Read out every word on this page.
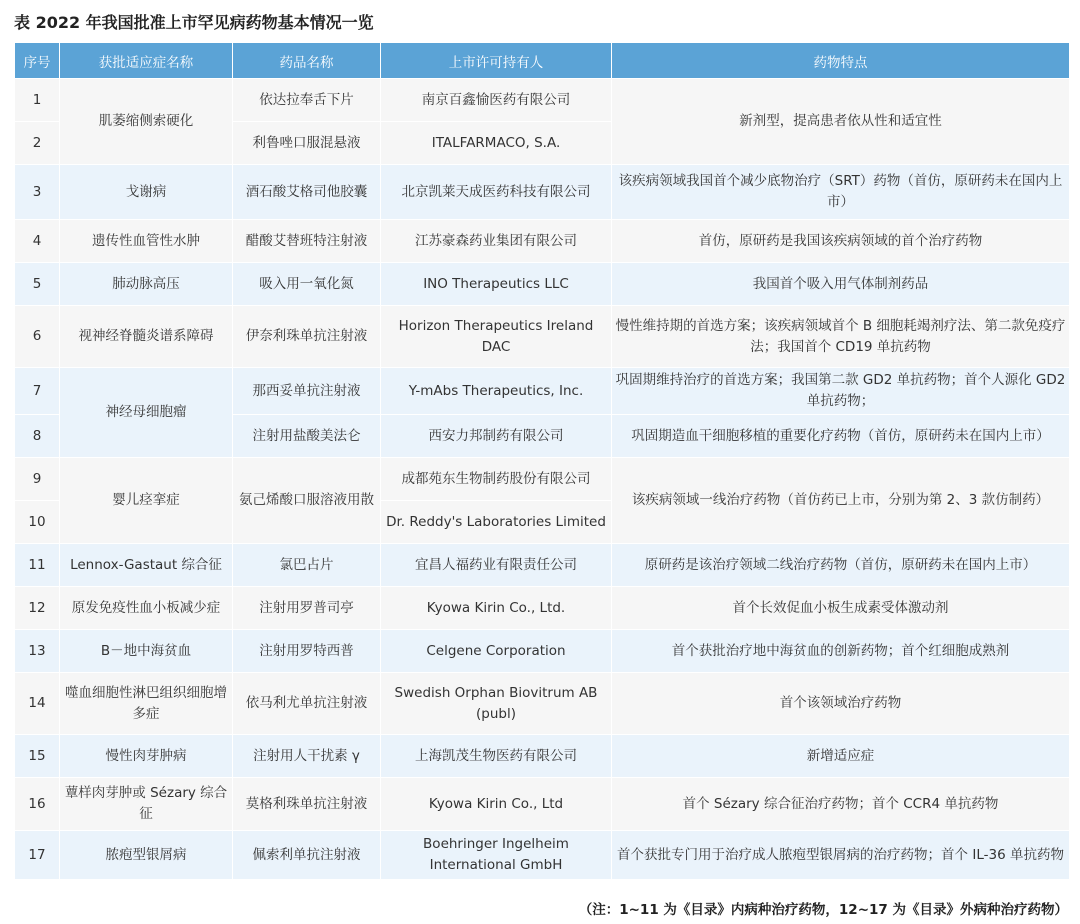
表 2022 年我国批准上市罕见病药物基本情况一览
序号	获批适应症名称	药品名称	上市许可持有人	药物特点
1	肌萎缩侧索硬化	依达拉奉舌下片	南京百鑫愉医药有限公司	新剂型，提高患者依从性和适宜性
2		利鲁唑口服混悬液	ITALFARMACO, S.A.	
3	戈谢病	酒石酸艾格司他胶囊	北京凯莱天成医药科技有限公司	该疾病领域我国首个减少底物治疗（SRT）药物（首仿，原研药未在国内上市）
4	遗传性血管性水肿	醋酸艾替班特注射液	江苏豪森药业集团有限公司	首仿，原研药是我国该疾病领域的首个治疗药物
5	肺动脉高压	吸入用一氧化氮	INO Therapeutics LLC	我国首个吸入用气体制剂药品
6	视神经脊髓炎谱系障碍	伊奈利珠单抗注射液	Horizon Therapeutics Ireland DAC	慢性维持期的首选方案；该疾病领域首个 B 细胞耗竭剂疗法、第二款免疫疗法；我国首个 CD19 单抗药物
7	神经母细胞瘤	那西妥单抗注射液	Y-mAbs Therapeutics, Inc.	巩固期维持治疗的首选方案；我国第二款 GD2 单抗药物；首个人源化 GD2 单抗药物；
8		注射用盐酸美法仑	西安力邦制药有限公司	巩固期造血干细胞移植的重要化疗药物（首仿，原研药未在国内上市）
9	婴儿痉挛症	氨己烯酸口服溶液用散	成都苑东生物制药股份有限公司	该疾病领域一线治疗药物（首仿药已上市，分别为第 2、3 款仿制药）
10			Dr. Reddy's Laboratories Limited	
11	Lennox-Gastaut 综合征	氯巴占片	宜昌人福药业有限责任公司	原研药是该治疗领域二线治疗药物（首仿，原研药未在国内上市）
12	原发免疫性血小板减少症	注射用罗普司亭	Kyowa Kirin Co., Ltd.	首个长效促血小板生成素受体激动剂
13	Β－地中海贫血	注射用罗特西普	Celgene Corporation	首个获批治疗地中海贫血的创新药物；首个红细胞成熟剂
14	噬血细胞性淋巴组织细胞增多症	依马利尤单抗注射液	Swedish Orphan Biovitrum AB (publ)	首个该领域治疗药物
15	慢性肉芽肿病	注射用人干扰素 γ	上海凯茂生物医药有限公司	新增适应症
16	蕈样肉芽肿或 Sézary 综合征	莫格利珠单抗注射液	Kyowa Kirin Co., Ltd	首个 Sézary 综合征治疗药物；首个 CCR4 单抗药物
17	脓疱型银屑病	佩索利单抗注射液	Boehringer Ingelheim International GmbH	首个获批专门用于治疗成人脓疱型银屑病的治疗药物；首个 IL-36 单抗药物
（注：1~11 为《目录》内病种治疗药物，12~17 为《目录》外病种治疗药物）
